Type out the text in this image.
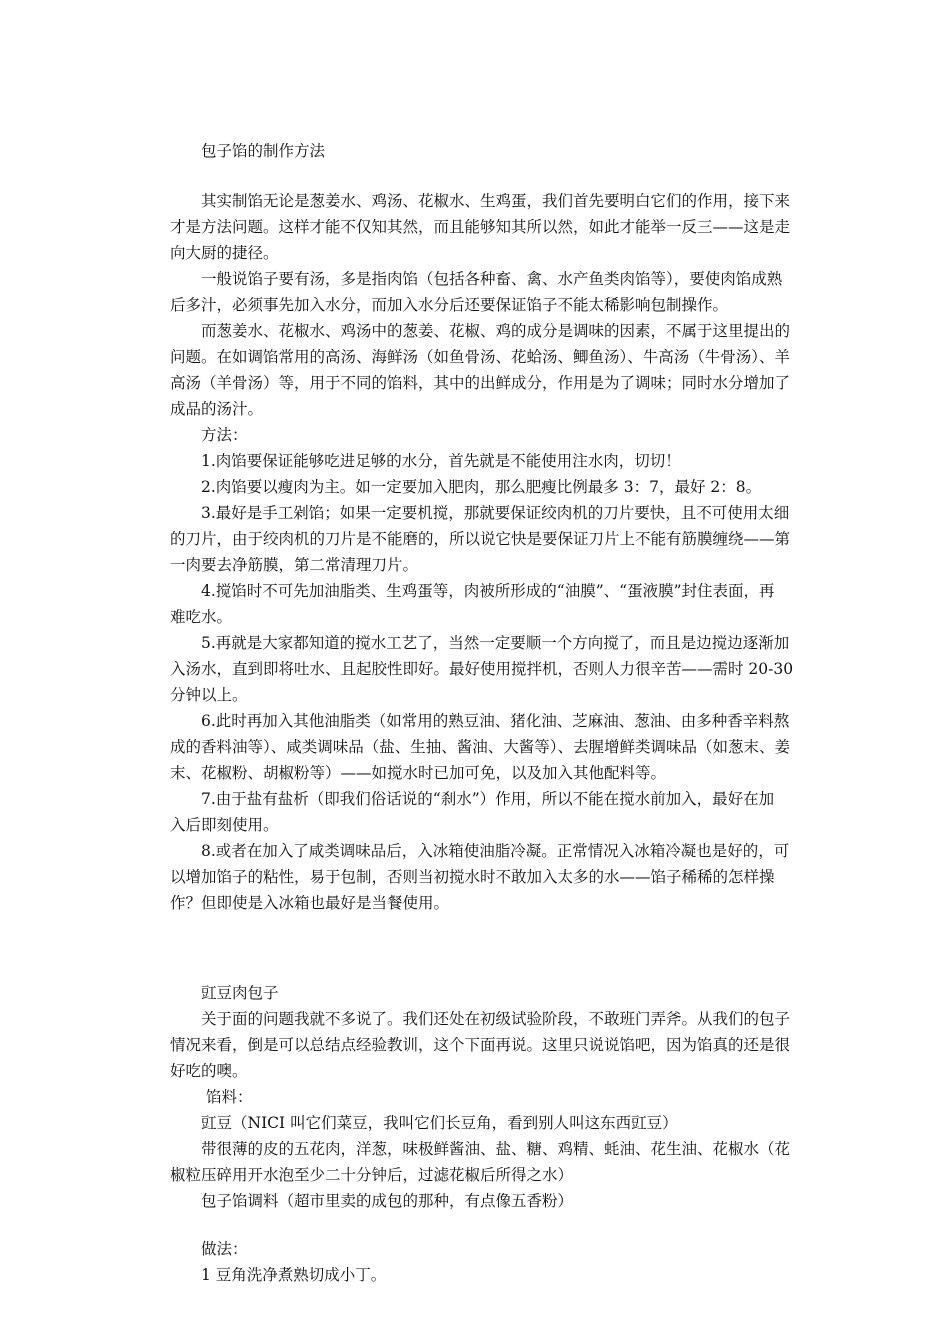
包子馅的制作方法

其实制馅无论是葱姜水、鸡汤、花椒水、生鸡蛋，我们首先要明白它们的作用，接下来

才是方法问题。这样才能不仅知其然，而且能够知其所以然，如此才能举一反三——这是走

向大厨的捷径。

一般说馅子要有汤，多是指肉馅（包括各种畜、禽、水产鱼类肉馅等），要使肉馅成熟

后多汁，必须事先加入水分，而加入水分后还要保证馅子不能太稀影响包制操作。

而葱姜水、花椒水、鸡汤中的葱姜、花椒、鸡的成分是调味的因素，不属于这里提出的

问题。在如调馅常用的高汤、海鲜汤（如鱼骨汤、花蛤汤、鲫鱼汤）、牛高汤（牛骨汤）、羊

高汤（羊骨汤）等，用于不同的馅料，其中的出鲜成分，作用是为了调味；同时水分增加了

成品的汤汁。

方法：

1.肉馅要保证能够吃进足够的水分，首先就是不能使用注水肉，切切！

2.肉馅要以瘦肉为主。如一定要加入肥肉，那么肥瘦比例最多 3：7，最好 2：8。

3.最好是手工剁馅；如果一定要机搅，那就要保证绞肉机的刀片要快，且不可使用太细

的刀片，由于绞肉机的刀片是不能磨的，所以说它快是要保证刀片上不能有筋膜缠绕——第

一肉要去净筋膜，第二常清理刀片。

4.搅馅时不可先加油脂类、生鸡蛋等，肉被所形成的“油膜”、“蛋液膜”封住表面，再

难吃水。

5.再就是大家都知道的搅水工艺了，当然一定要顺一个方向搅了，而且是边搅边逐渐加

入汤水，直到即将吐水、且起胶性即好。最好使用搅拌机，否则人力很辛苦——需时 20-30

分钟以上。

6.此时再加入其他油脂类（如常用的熟豆油、猪化油、芝麻油、葱油、由多种香辛料熬

成的香料油等）、咸类调味品（盐、生抽、酱油、大酱等）、去腥增鲜类调味品（如葱末、姜

末、花椒粉、胡椒粉等）——如搅水时已加可免，以及加入其他配料等。

7.由于盐有盐析（即我们俗话说的“刹水”）作用，所以不能在搅水前加入，最好在加

入后即刻使用。

8.或者在加入了咸类调味品后，入冰箱使油脂冷凝。正常情况入冰箱冷凝也是好的，可

以增加馅子的粘性，易于包制，否则当初搅水时不敢加入太多的水——馅子稀稀的怎样操

作？但即使是入冰箱也最好是当餐使用。

豇豆肉包子

关于面的问题我就不多说了。我们还处在初级试验阶段，不敢班门弄斧。从我们的包子

情况来看，倒是可以总结点经验教训，这个下面再说。这里只说说馅吧，因为馅真的还是很

好吃的噢。

馅料：

豇豆（NICI 叫它们菜豆，我叫它们长豆角，看到别人叫这东西豇豆）

带很薄的皮的五花肉，洋葱，味极鲜酱油、盐、糖、鸡精、蚝油、花生油、花椒水（花

椒粒压碎用开水泡至少二十分钟后，过滤花椒后所得之水）

包子馅调料（超市里卖的成包的那种，有点像五香粉）

做法：

1 豆角洗净煮熟切成小丁。
